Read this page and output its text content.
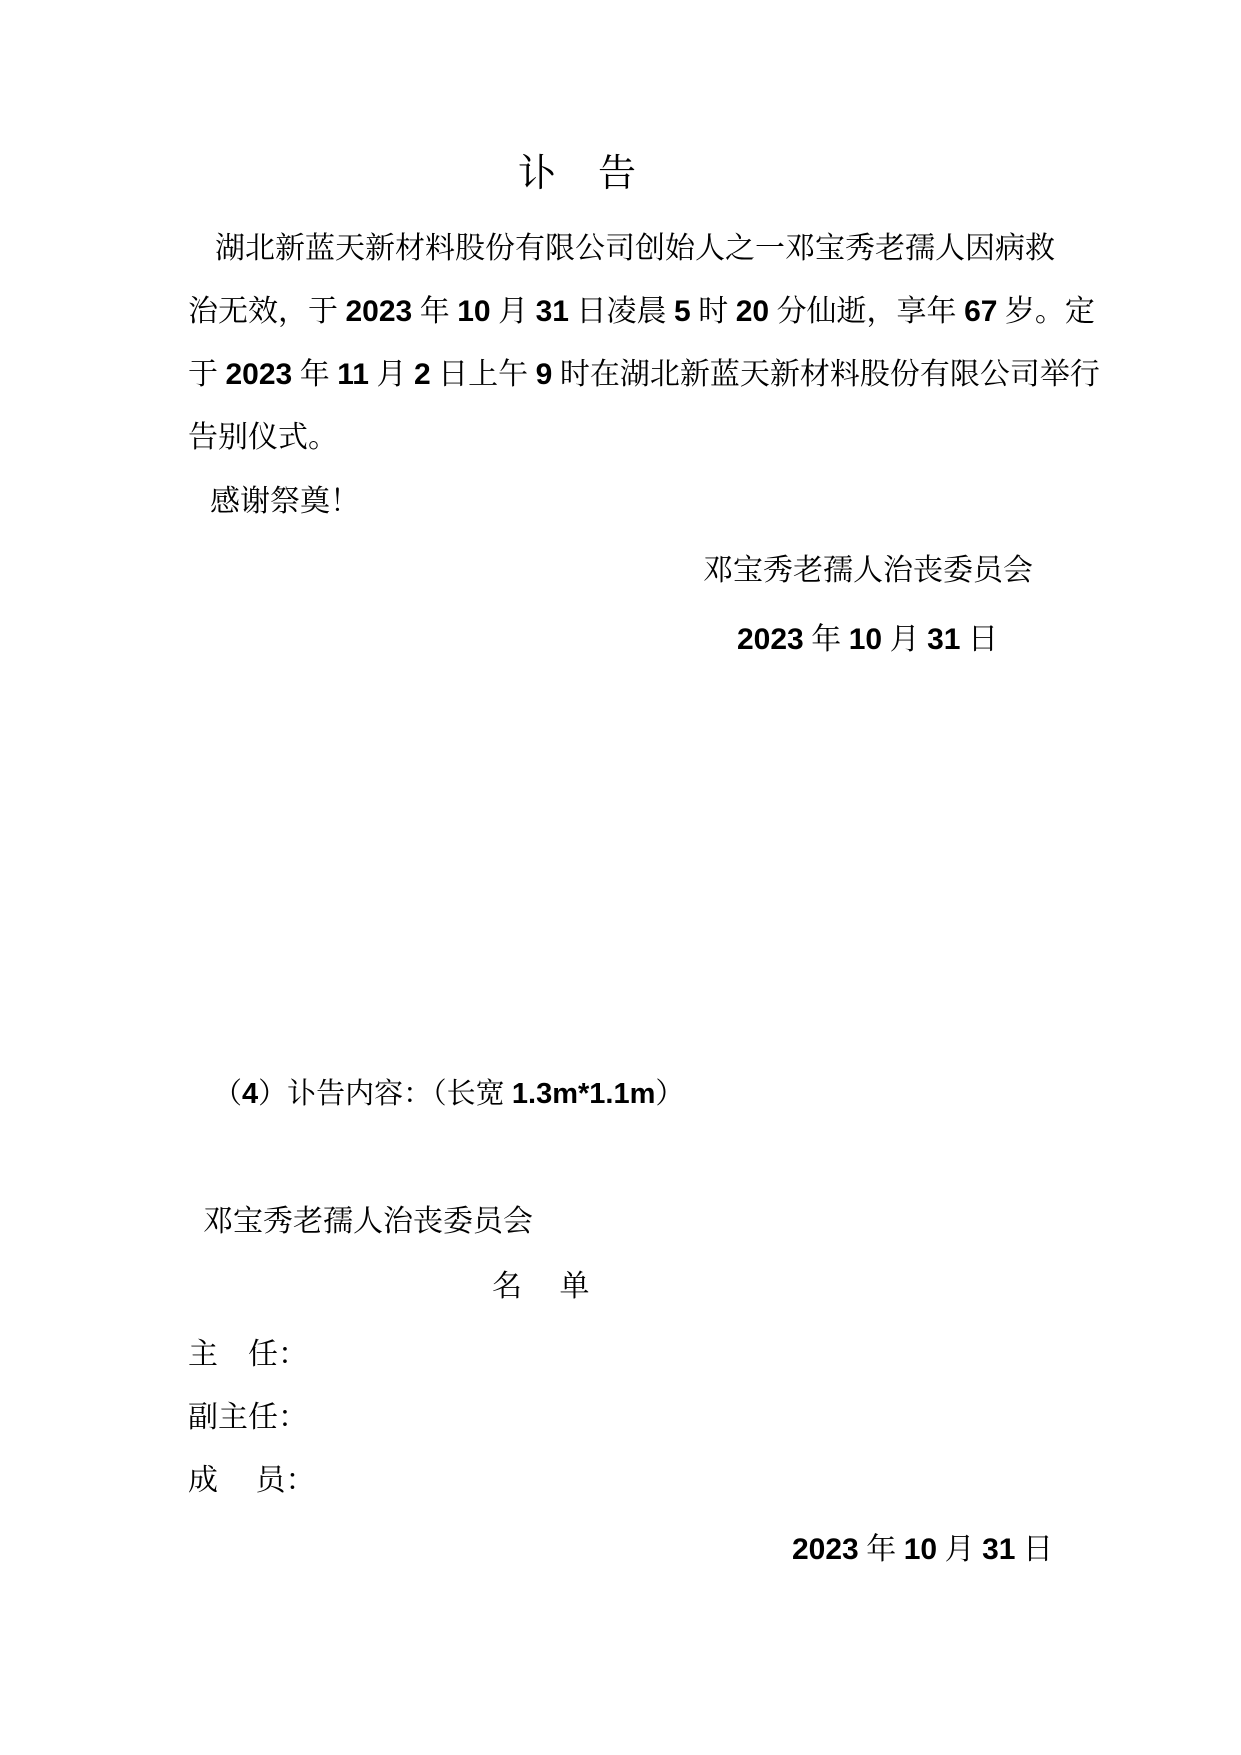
讣　告
湖北新蓝天新材料股份有限公司创始人之一邓宝秀老孺人因病救
治无效，于 2023 年 10 月 31 日凌晨 5 时 20 分仙逝，享年 67 岁。定
于 2023 年 11 月 2 日上午 9 时在湖北新蓝天新材料股份有限公司举行
告别仪式。
感谢祭奠！
邓宝秀老孺人治丧委员会
2023 年 10 月 31 日
（4）讣告内容：（长宽 1.3m*1.1m）
邓宝秀老孺人治丧委员会
名　 单
主　任：
副主任：
成　 员：
2023 年 10 月 31 日
